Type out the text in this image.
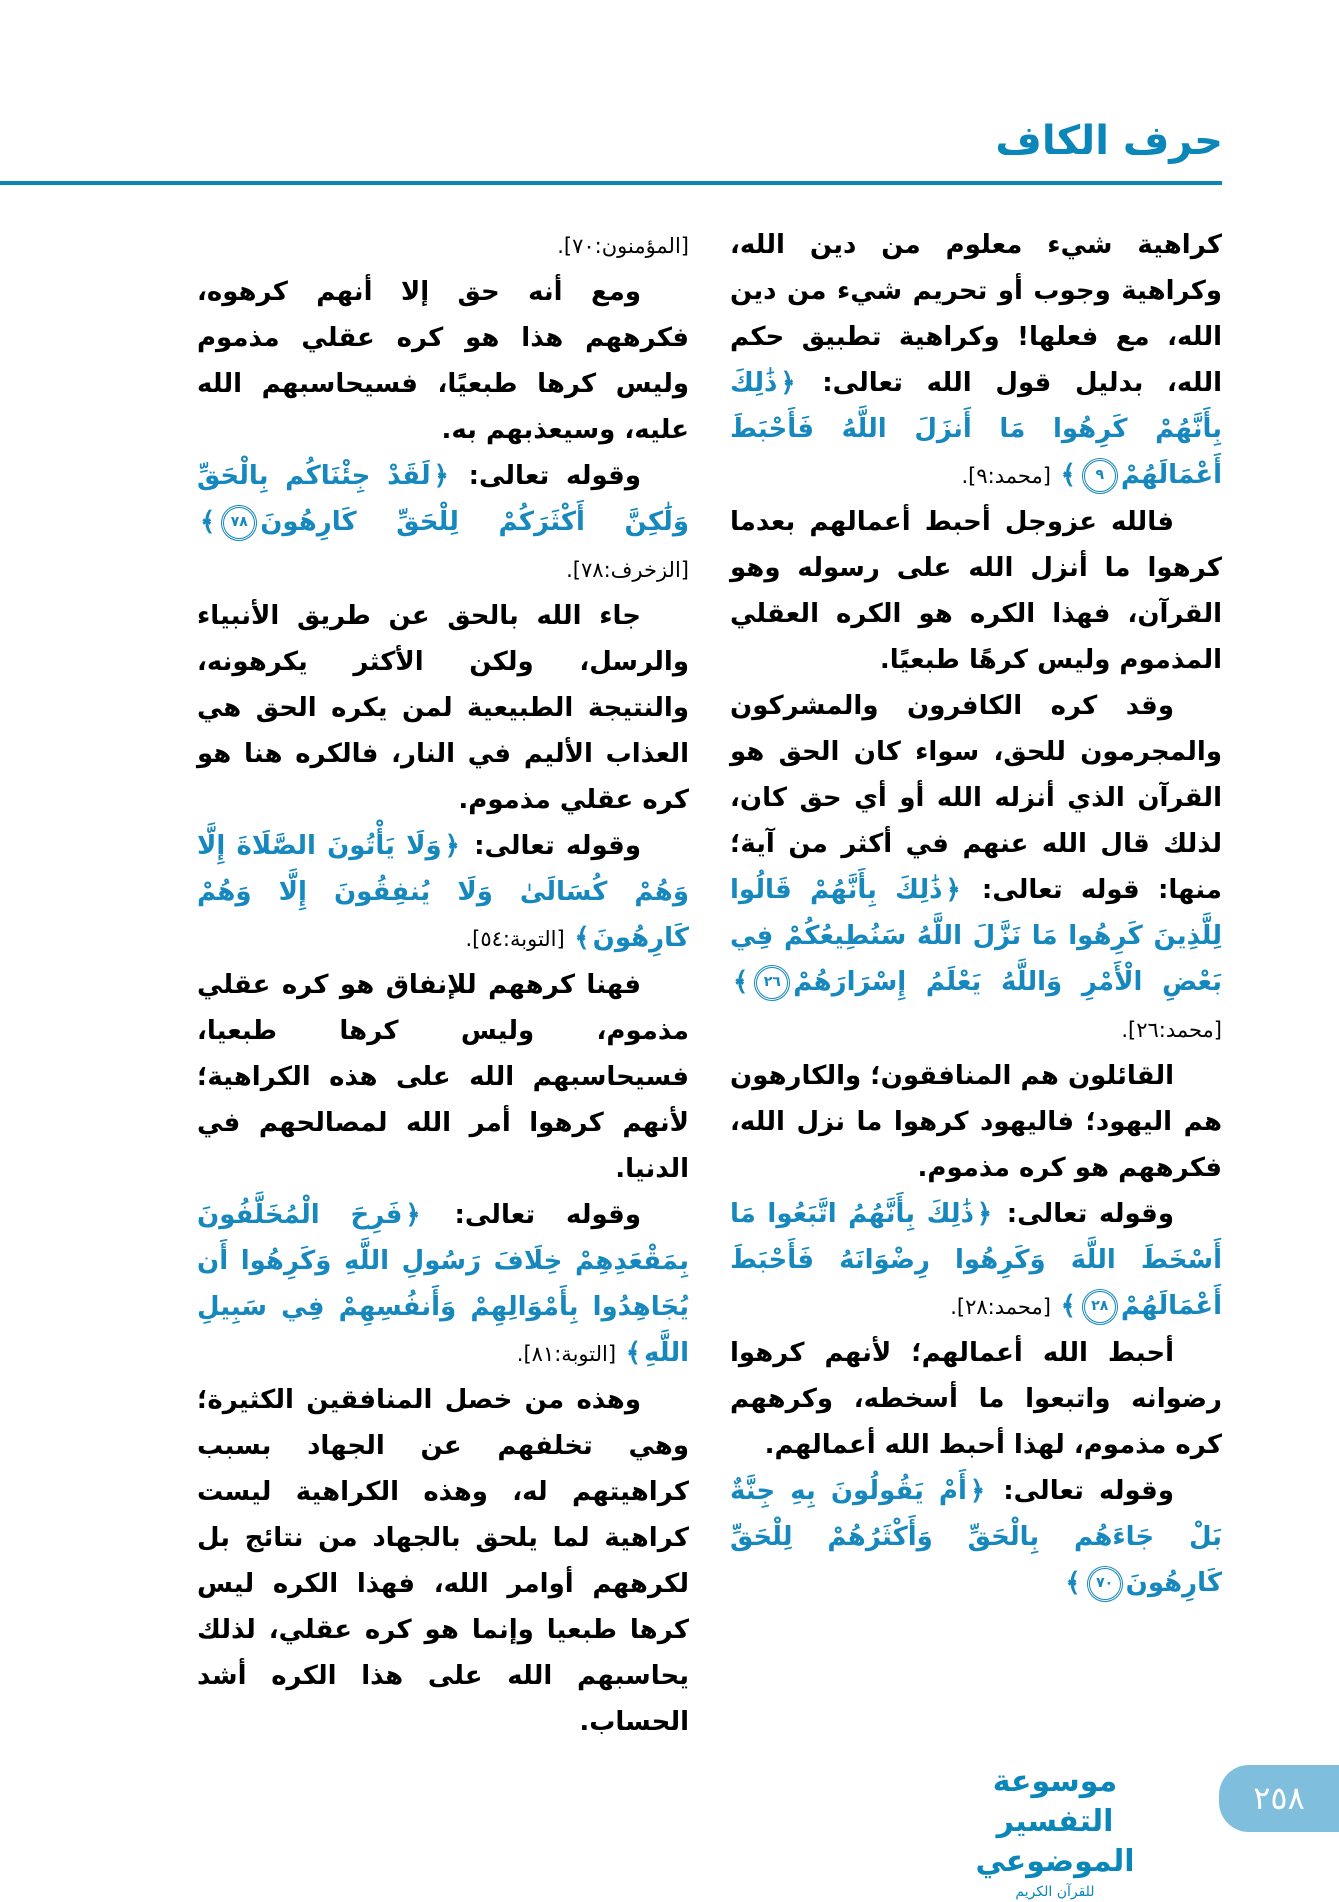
حرف الكاف

كراهية شيء معلوم من دين الله، وكراهية وجوب أو تحريم شيء من دين الله، مع فعلها! وكراهية تطبيق حكم الله، بدليل قول الله تعالى: ﴿ذَٰلِكَ بِأَنَّهُمْ كَرِهُوا مَا أَنزَلَ اللَّهُ فَأَحْبَطَ أَعْمَالَهُمْ٩﴾ [محمد:٩].

فالله عزوجل أحبط أعمالهم بعدما كرهوا ما أنزل الله على رسوله وهو القرآن، فهذا الكره هو الكره العقلي المذموم وليس كرهًا طبعيًا.

وقد كره الكافرون والمشركون والمجرمون للحق، سواء كان الحق هو القرآن الذي أنزله الله أو أي حق كان، لذلك قال الله عنهم في أكثر من آية؛ منها: قوله تعالى: ﴿ذَٰلِكَ بِأَنَّهُمْ قَالُوا لِلَّذِينَ كَرِهُوا مَا نَزَّلَ اللَّهُ سَنُطِيعُكُمْ فِي بَعْضِ الْأَمْرِ وَاللَّهُ يَعْلَمُ إِسْرَارَهُمْ٢٦﴾ [محمد:٢٦].

القائلون هم المنافقون؛ والكارهون هم اليهود؛ فاليهود كرهوا ما نزل الله، فكرههم هو كره مذموم.

وقوله تعالى: ﴿ذَٰلِكَ بِأَنَّهُمُ اتَّبَعُوا مَا أَسْخَطَ اللَّهَ وَكَرِهُوا رِضْوَانَهُ فَأَحْبَطَ أَعْمَالَهُمْ٢٨﴾ [محمد:٢٨].

أحبط الله أعمالهم؛ لأنهم كرهوا رضوانه واتبعوا ما أسخطه، وكرههم كره مذموم، لهذا أحبط الله أعمالهم.

وقوله تعالى: ﴿أَمْ يَقُولُونَ بِهِ جِنَّةٌ بَلْ جَاءَهُم بِالْحَقِّ وَأَكْثَرُهُمْ لِلْحَقِّ كَارِهُونَ٧٠﴾

[المؤمنون:٧٠].

ومع أنه حق إلا أنهم كرهوه، فكرههم هذا هو كره عقلي مذموم وليس كرها طبعيًا، فسيحاسبهم الله عليه، وسيعذبهم به.

وقوله تعالى: ﴿لَقَدْ جِئْنَاكُم بِالْحَقِّ وَلَٰكِنَّ أَكْثَرَكُمْ لِلْحَقِّ كَارِهُونَ٧٨﴾ [الزخرف:٧٨].

جاء الله بالحق عن طريق الأنبياء والرسل، ولكن الأكثر يكرهونه، والنتيجة الطبيعية لمن يكره الحق هي العذاب الأليم في النار، فالكره هنا هو كره عقلي مذموم.

وقوله تعالى: ﴿وَلَا يَأْتُونَ الصَّلَاةَ إِلَّا وَهُمْ كُسَالَىٰ وَلَا يُنفِقُونَ إِلَّا وَهُمْ كَارِهُونَ﴾ [التوبة:٥٤].

فهنا كرههم للإنفاق هو كره عقلي مذموم، وليس كرها طبعيا، فسيحاسبهم الله على هذه الكراهية؛ لأنهم كرهوا أمر الله لمصالحهم في الدنيا.

وقوله تعالى: ﴿فَرِحَ الْمُخَلَّفُونَ بِمَقْعَدِهِمْ خِلَافَ رَسُولِ اللَّهِ وَكَرِهُوا أَن يُجَاهِدُوا بِأَمْوَالِهِمْ وَأَنفُسِهِمْ فِي سَبِيلِ اللَّهِ﴾ [التوبة:٨١].

وهذه من خصل المنافقين الكثيرة؛ وهي تخلفهم عن الجهاد بسبب كراهيتهم له، وهذه الكراهية ليست كراهية لما يلحق بالجهاد من نتائج بل لكرههم أوامر الله، فهذا الكره ليس كرها طبعيا وإنما هو كره عقلي، لذلك يحاسبهم الله على هذا الكره أشد الحساب.

موسوعة التفسير الموضوعي
للقرآن الكريم
٢٥٨
